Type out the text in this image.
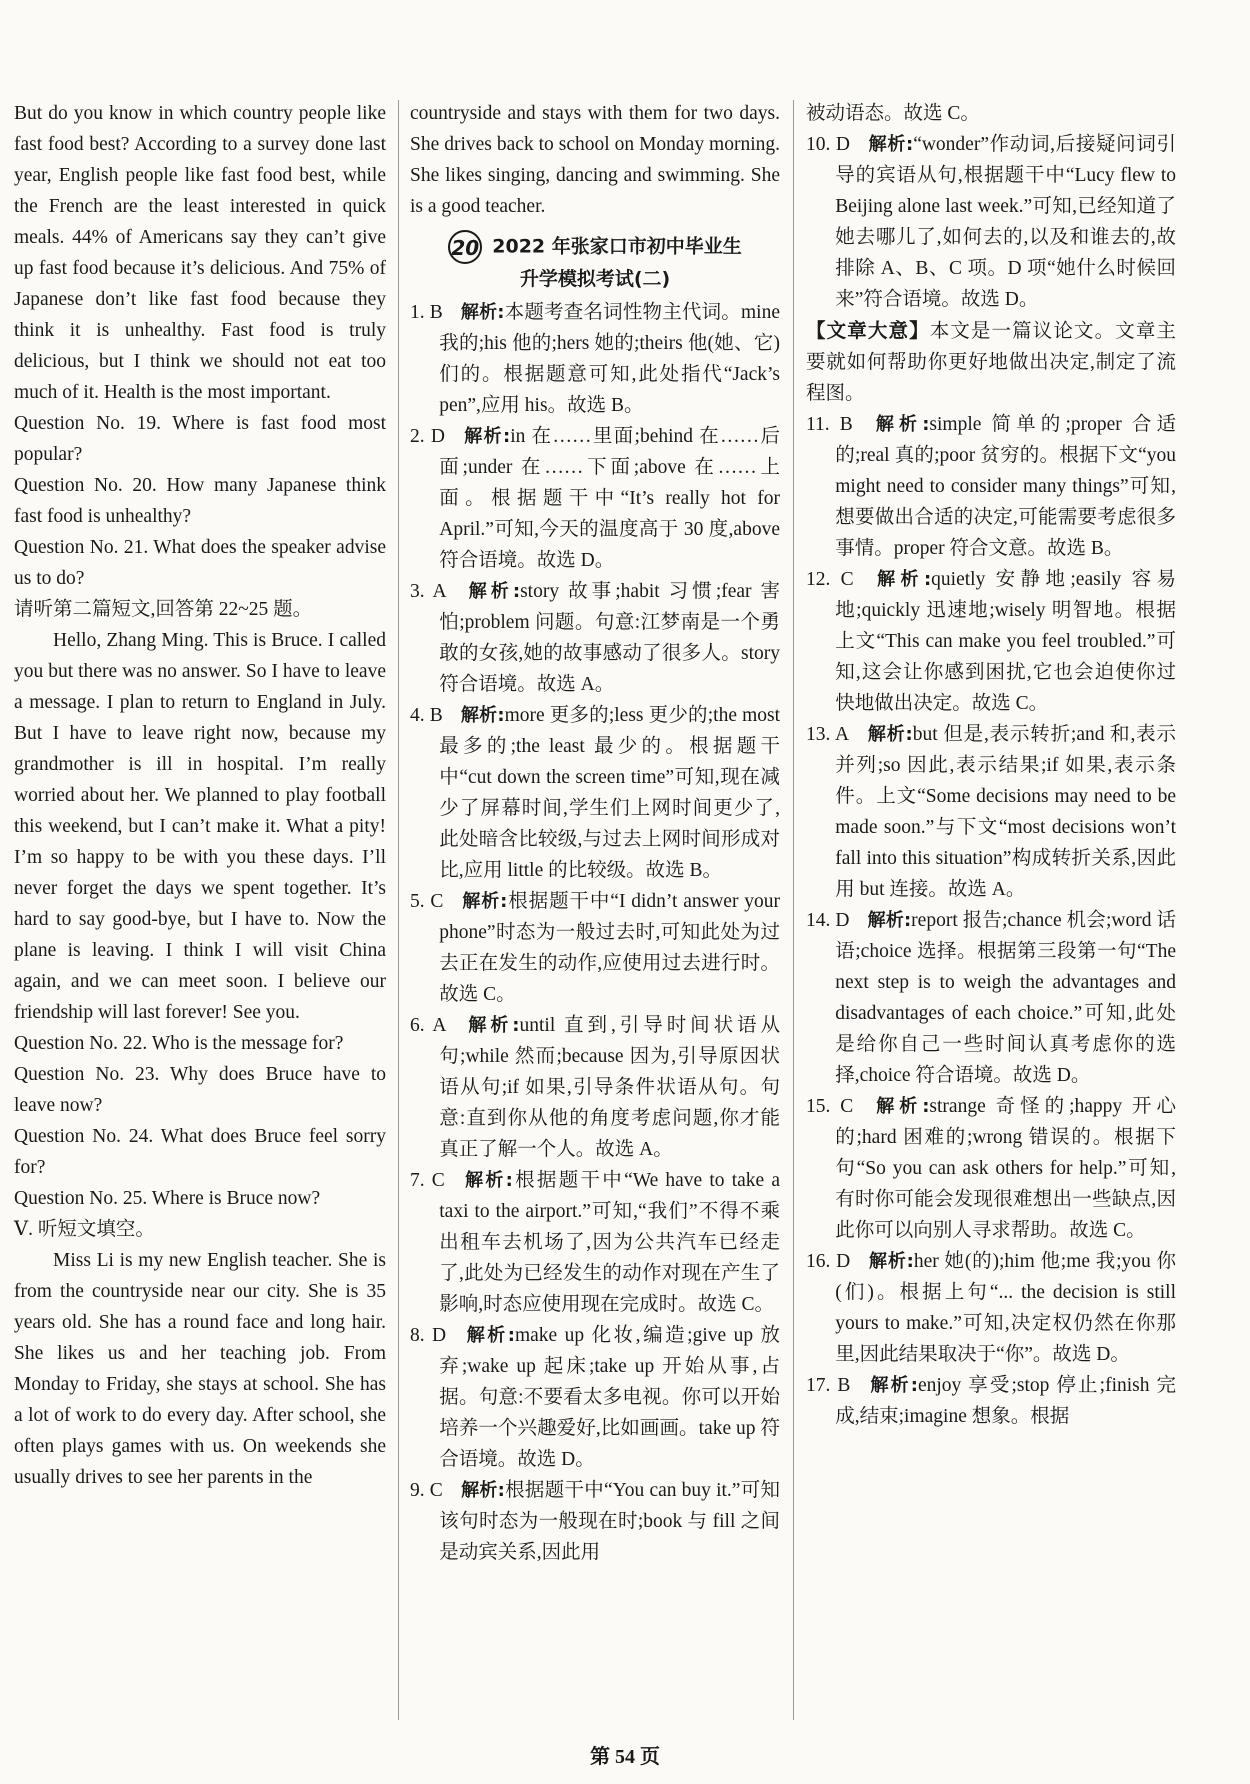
But do you know in which country people like fast food best? According to a survey done last year, English people like fast food best, while the French are the least interested in quick meals. 44% of Americans say they can’t give up fast food because it’s delicious. And 75% of Japanese don’t like fast food because they think it is unhealthy. Fast food is truly delicious, but I think we should not eat too much of it. Health is the most important.

Question No. 19. Where is fast food most popular?

Question No. 20. How many Japanese think fast food is unhealthy?

Question No. 21. What does the speaker advise us to do?

请听第二篇短文,回答第 22~25 题。

Hello, Zhang Ming. This is Bruce. I called you but there was no answer. So I have to leave a message. I plan to return to England in July. But I have to leave right now, because my grandmother is ill in hospital. I’m really worried about her. We planned to play football this weekend, but I can’t make it. What a pity! I’m so happy to be with you these days. I’ll never forget the days we spent together. It’s hard to say good-bye, but I have to. Now the plane is leaving. I think I will visit China again, and we can meet soon. I believe our friendship will last forever! See you.

Question No. 22. Who is the message for?

Question No. 23. Why does Bruce have to leave now?

Question No. 24. What does Bruce feel sorry for?

Question No. 25. Where is Bruce now?

Ⅴ. 听短文填空。

Miss Li is my new English teacher. She is from the countryside near our city. She is 35 years old. She has a round face and long hair. She likes us and her teaching job. From Monday to Friday, she stays at school. She has a lot of work to do every day. After school, she often plays games with us. On weekends she usually drives to see her parents in the

countryside and stays with them for two days. She drives back to school on Monday morning. She likes singing, dancing and swimming. She is a good teacher.

20 2022 年张家口市初中毕业生
升学模拟考试(二)

1. B 解析:本题考查名词性物主代词。mine 我的;his 他的;hers 她的;theirs 他(她、它)们的。根据题意可知,此处指代“Jack’s pen”,应用 his。故选 B。

2. D 解析:in 在……里面;behind 在……后面;under 在……下面;above 在……上面。根据题干中“It’s really hot for April.”可知,今天的温度高于 30 度,above 符合语境。故选 D。

3. A 解析:story 故事;habit 习惯;fear 害怕;problem 问题。句意:江梦南是一个勇敢的女孩,她的故事感动了很多人。story 符合语境。故选 A。

4. B 解析:more 更多的;less 更少的;the most 最多的;the least 最少的。根据题干中“cut down the screen time”可知,现在减少了屏幕时间,学生们上网时间更少了,此处暗含比较级,与过去上网时间形成对比,应用 little 的比较级。故选 B。

5. C 解析:根据题干中“I didn’t answer your phone”时态为一般过去时,可知此处为过去正在发生的动作,应使用过去进行时。故选 C。

6. A 解析:until 直到,引导时间状语从句;while 然而;because 因为,引导原因状语从句;if 如果,引导条件状语从句。句意:直到你从他的角度考虑问题,你才能真正了解一个人。故选 A。

7. C 解析:根据题干中“We have to take a taxi to the airport.”可知,“我们”不得不乘出租车去机场了,因为公共汽车已经走了,此处为已经发生的动作对现在产生了影响,时态应使用现在完成时。故选 C。

8. D 解析:make up 化妆,编造;give up 放弃;wake up 起床;take up 开始从事,占据。句意:不要看太多电视。你可以开始培养一个兴趣爱好,比如画画。take up 符合语境。故选 D。

9. C 解析:根据题干中“You can buy it.”可知该句时态为一般现在时;book 与 fill 之间是动宾关系,因此用

被动语态。故选 C。

10. D 解析:“wonder”作动词,后接疑问词引导的宾语从句,根据题干中“Lucy flew to Beijing alone last week.”可知,已经知道了她去哪儿了,如何去的,以及和谁去的,故排除 A、B、C 项。D 项“她什么时候回来”符合语境。故选 D。

【文章大意】本文是一篇议论文。文章主要就如何帮助你更好地做出决定,制定了流程图。

11. B 解析:simple 简单的;proper 合适的;real 真的;poor 贫穷的。根据下文“you might need to consider many things”可知,想要做出合适的决定,可能需要考虑很多事情。proper 符合文意。故选 B。

12. C 解析:quietly 安静地;easily 容易地;quickly 迅速地;wisely 明智地。根据上文“This can make you feel troubled.”可知,这会让你感到困扰,它也会迫使你过快地做出决定。故选 C。

13. A 解析:but 但是,表示转折;and 和,表示并列;so 因此,表示结果;if 如果,表示条件。上文“Some decisions may need to be made soon.”与下文“most decisions won’t fall into this situation”构成转折关系,因此用 but 连接。故选 A。

14. D 解析:report 报告;chance 机会;word 话语;choice 选择。根据第三段第一句“The next step is to weigh the advantages and disadvantages of each choice.”可知,此处是给你自己一些时间认真考虑你的选择,choice 符合语境。故选 D。

15. C 解析:strange 奇怪的;happy 开心的;hard 困难的;wrong 错误的。根据下句“So you can ask others for help.”可知,有时你可能会发现很难想出一些缺点,因此你可以向别人寻求帮助。故选 C。

16. D 解析:her 她(的);him 他;me 我;you 你(们)。根据上句“... the decision is still yours to make.”可知,决定权仍然在你那里,因此结果取决于“你”。故选 D。

17. B 解析:enjoy 享受;stop 停止;finish 完成,结束;imagine 想象。根据

第 54 页
